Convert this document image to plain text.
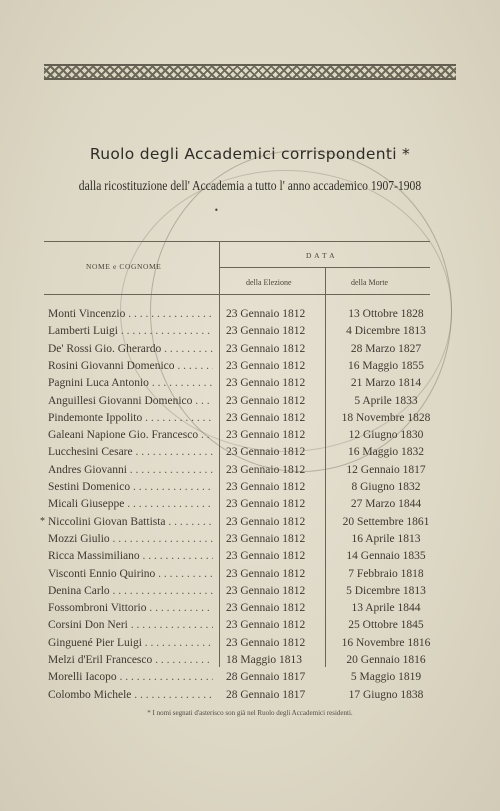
Ruolo degli Accademici corrispondenti *
dalla ricostituzione dell' Accademia a tutto l' anno accademico 1907-1908
•
NOME e COGNOME
D A T A
della Elezione	della Morte
Monti Vincenzio . . .	23 Gennaio 1812	13 Ottobre 1828
Lamberti Luigi . . .	23 Gennaio 1812	4 Dicembre 1813
De' Rossi Gio. Gherardo . . .	23 Gennaio 1812	28 Marzo 1827
Rosini Giovanni Domenico . . .	23 Gennaio 1812	16 Maggio 1855
Pagnini Luca Antonio . . .	23 Gennaio 1812	21 Marzo 1814
Anguillesi Giovanni Domenico . . .	23 Gennaio 1812	5 Aprile 1833
Pindemonte Ippolito . . .	23 Gennaio 1812	18 Novembre 1828
Galeani Napione Gio. Francesco . . .	23 Gennaio 1812	12 Giugno 1830
Lucchesini Cesare . . .	23 Gennaio 1812	16 Maggio 1832
Andres Giovanni . . .	23 Gennaio 1812	12 Gennaio 1817
Sestini Domenico . . .	23 Gennaio 1812	8 Giugno 1832
Micali Giuseppe . . .	23 Gennaio 1812	27 Marzo 1844
* Niccolini Giovan Battista . . .	23 Gennaio 1812	20 Settembre 1861
Mozzi Giulio . . .	23 Gennaio 1812	16 Aprile 1813
Ricca Massimiliano . . .	23 Gennaio 1812	14 Gennaio 1835
Visconti Ennio Quirino . . .	23 Gennaio 1812	7 Febbraio 1818
Denina Carlo . . .	23 Gennaio 1812	5 Dicembre 1813
Fossombroni Vittorio . . .	23 Gennaio 1812	13 Aprile 1844
Corsini Don Neri . . .	23 Gennaio 1812	25 Ottobre 1845
Ginguené Pier Luigi . . .	23 Gennaio 1812	16 Novembre 1816
Melzi d'Eril Francesco . . .	18 Maggio 1813	20 Gennaio 1816
Morelli Iacopo . . .	28 Gennaio 1817	5 Maggio 1819
Colombo Michele . . .	28 Gennaio 1817	17 Giugno 1838
* I nomi segnati d'asterisco son già nel Ruolo degli Accademici residenti.
